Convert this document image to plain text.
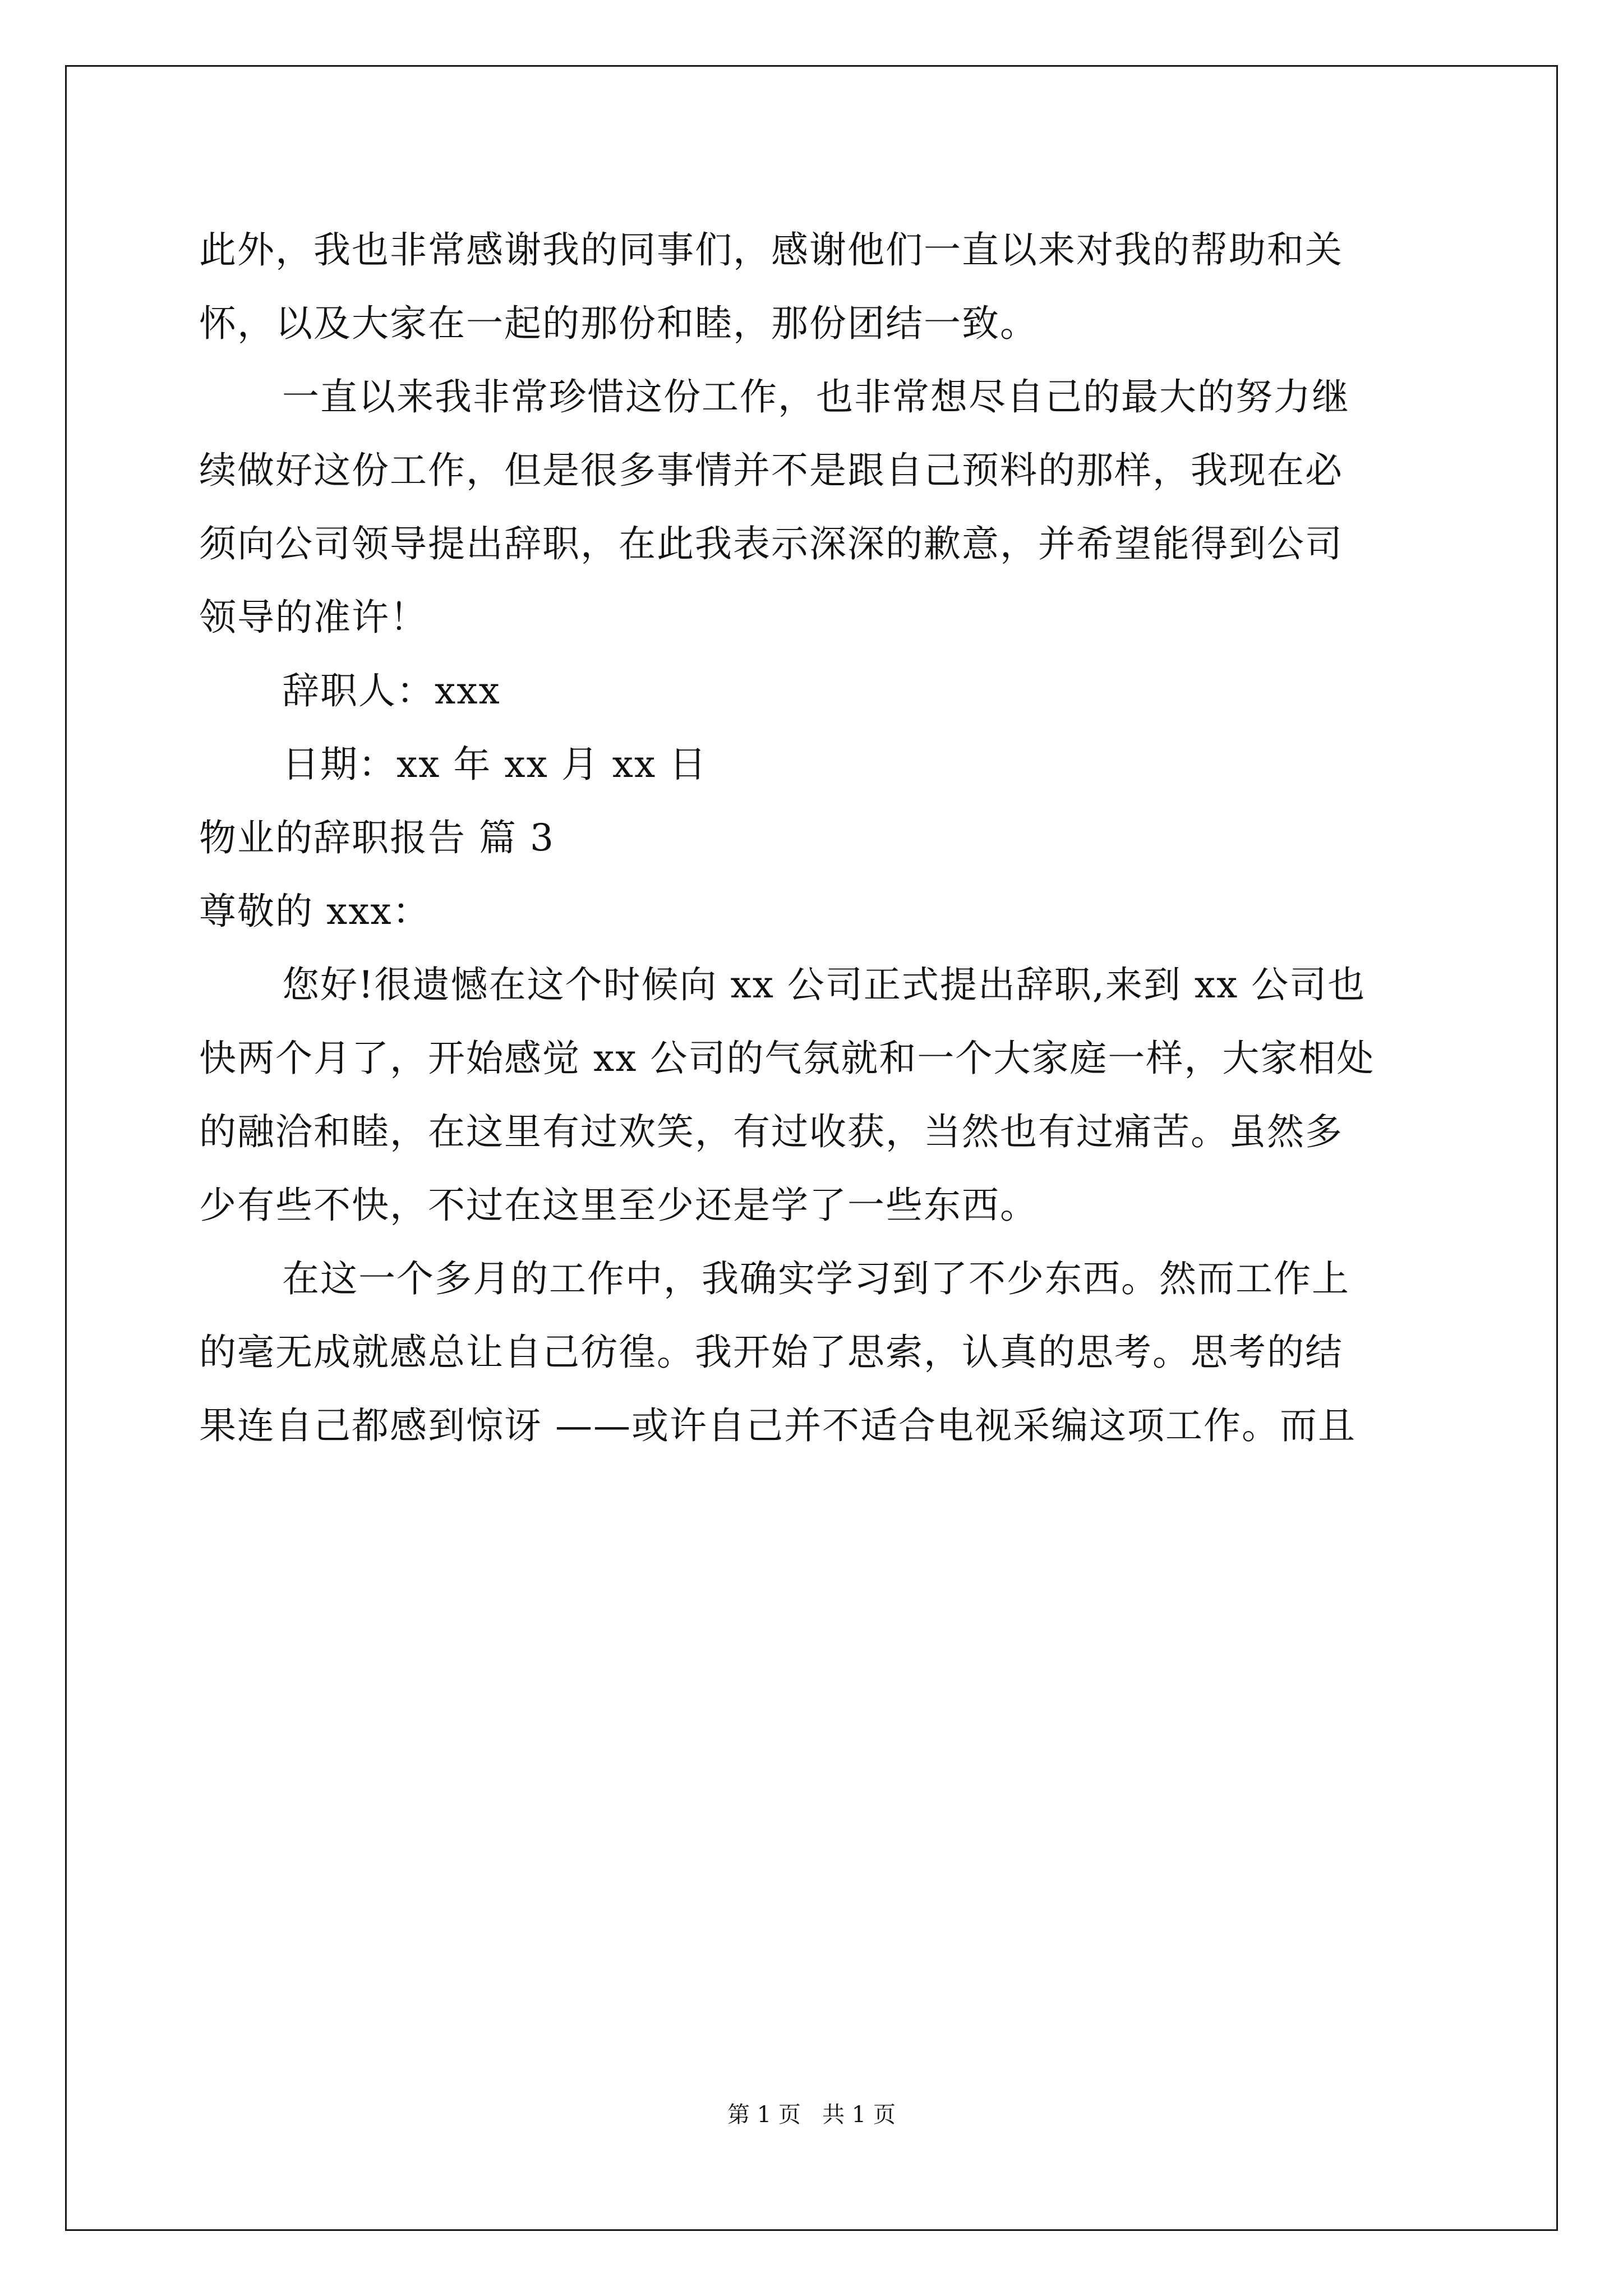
此外，我也非常感谢我的同事们，感谢他们一直以来对我的帮助和关
怀，以及大家在一起的那份和睦，那份团结一致。
一直以来我非常珍惜这份工作，也非常想尽自己的最大的努力继
续做好这份工作，但是很多事情并不是跟自己预料的那样，我现在必
须向公司领导提出辞职，在此我表示深深的歉意，并希望能得到公司
领导的准许！
辞职人：xxx
日期：xx 年 xx 月 xx 日
物业的辞职报告 篇 3
尊敬的 xxx：
您好!很遗憾在这个时候向 xx 公司正式提出辞职,来到 xx 公司也
快两个月了，开始感觉 xx 公司的气氛就和一个大家庭一样，大家相处
的融洽和睦，在这里有过欢笑，有过收获，当然也有过痛苦。虽然多
少有些不快，不过在这里至少还是学了一些东西。
在这一个多月的工作中，我确实学习到了不少东西。然而工作上
的毫无成就感总让自己彷徨。我开始了思索，认真的思考。思考的结
果连自己都感到惊讶 ——或许自己并不适合电视采编这项工作。而且
第 1 页   共 1 页
